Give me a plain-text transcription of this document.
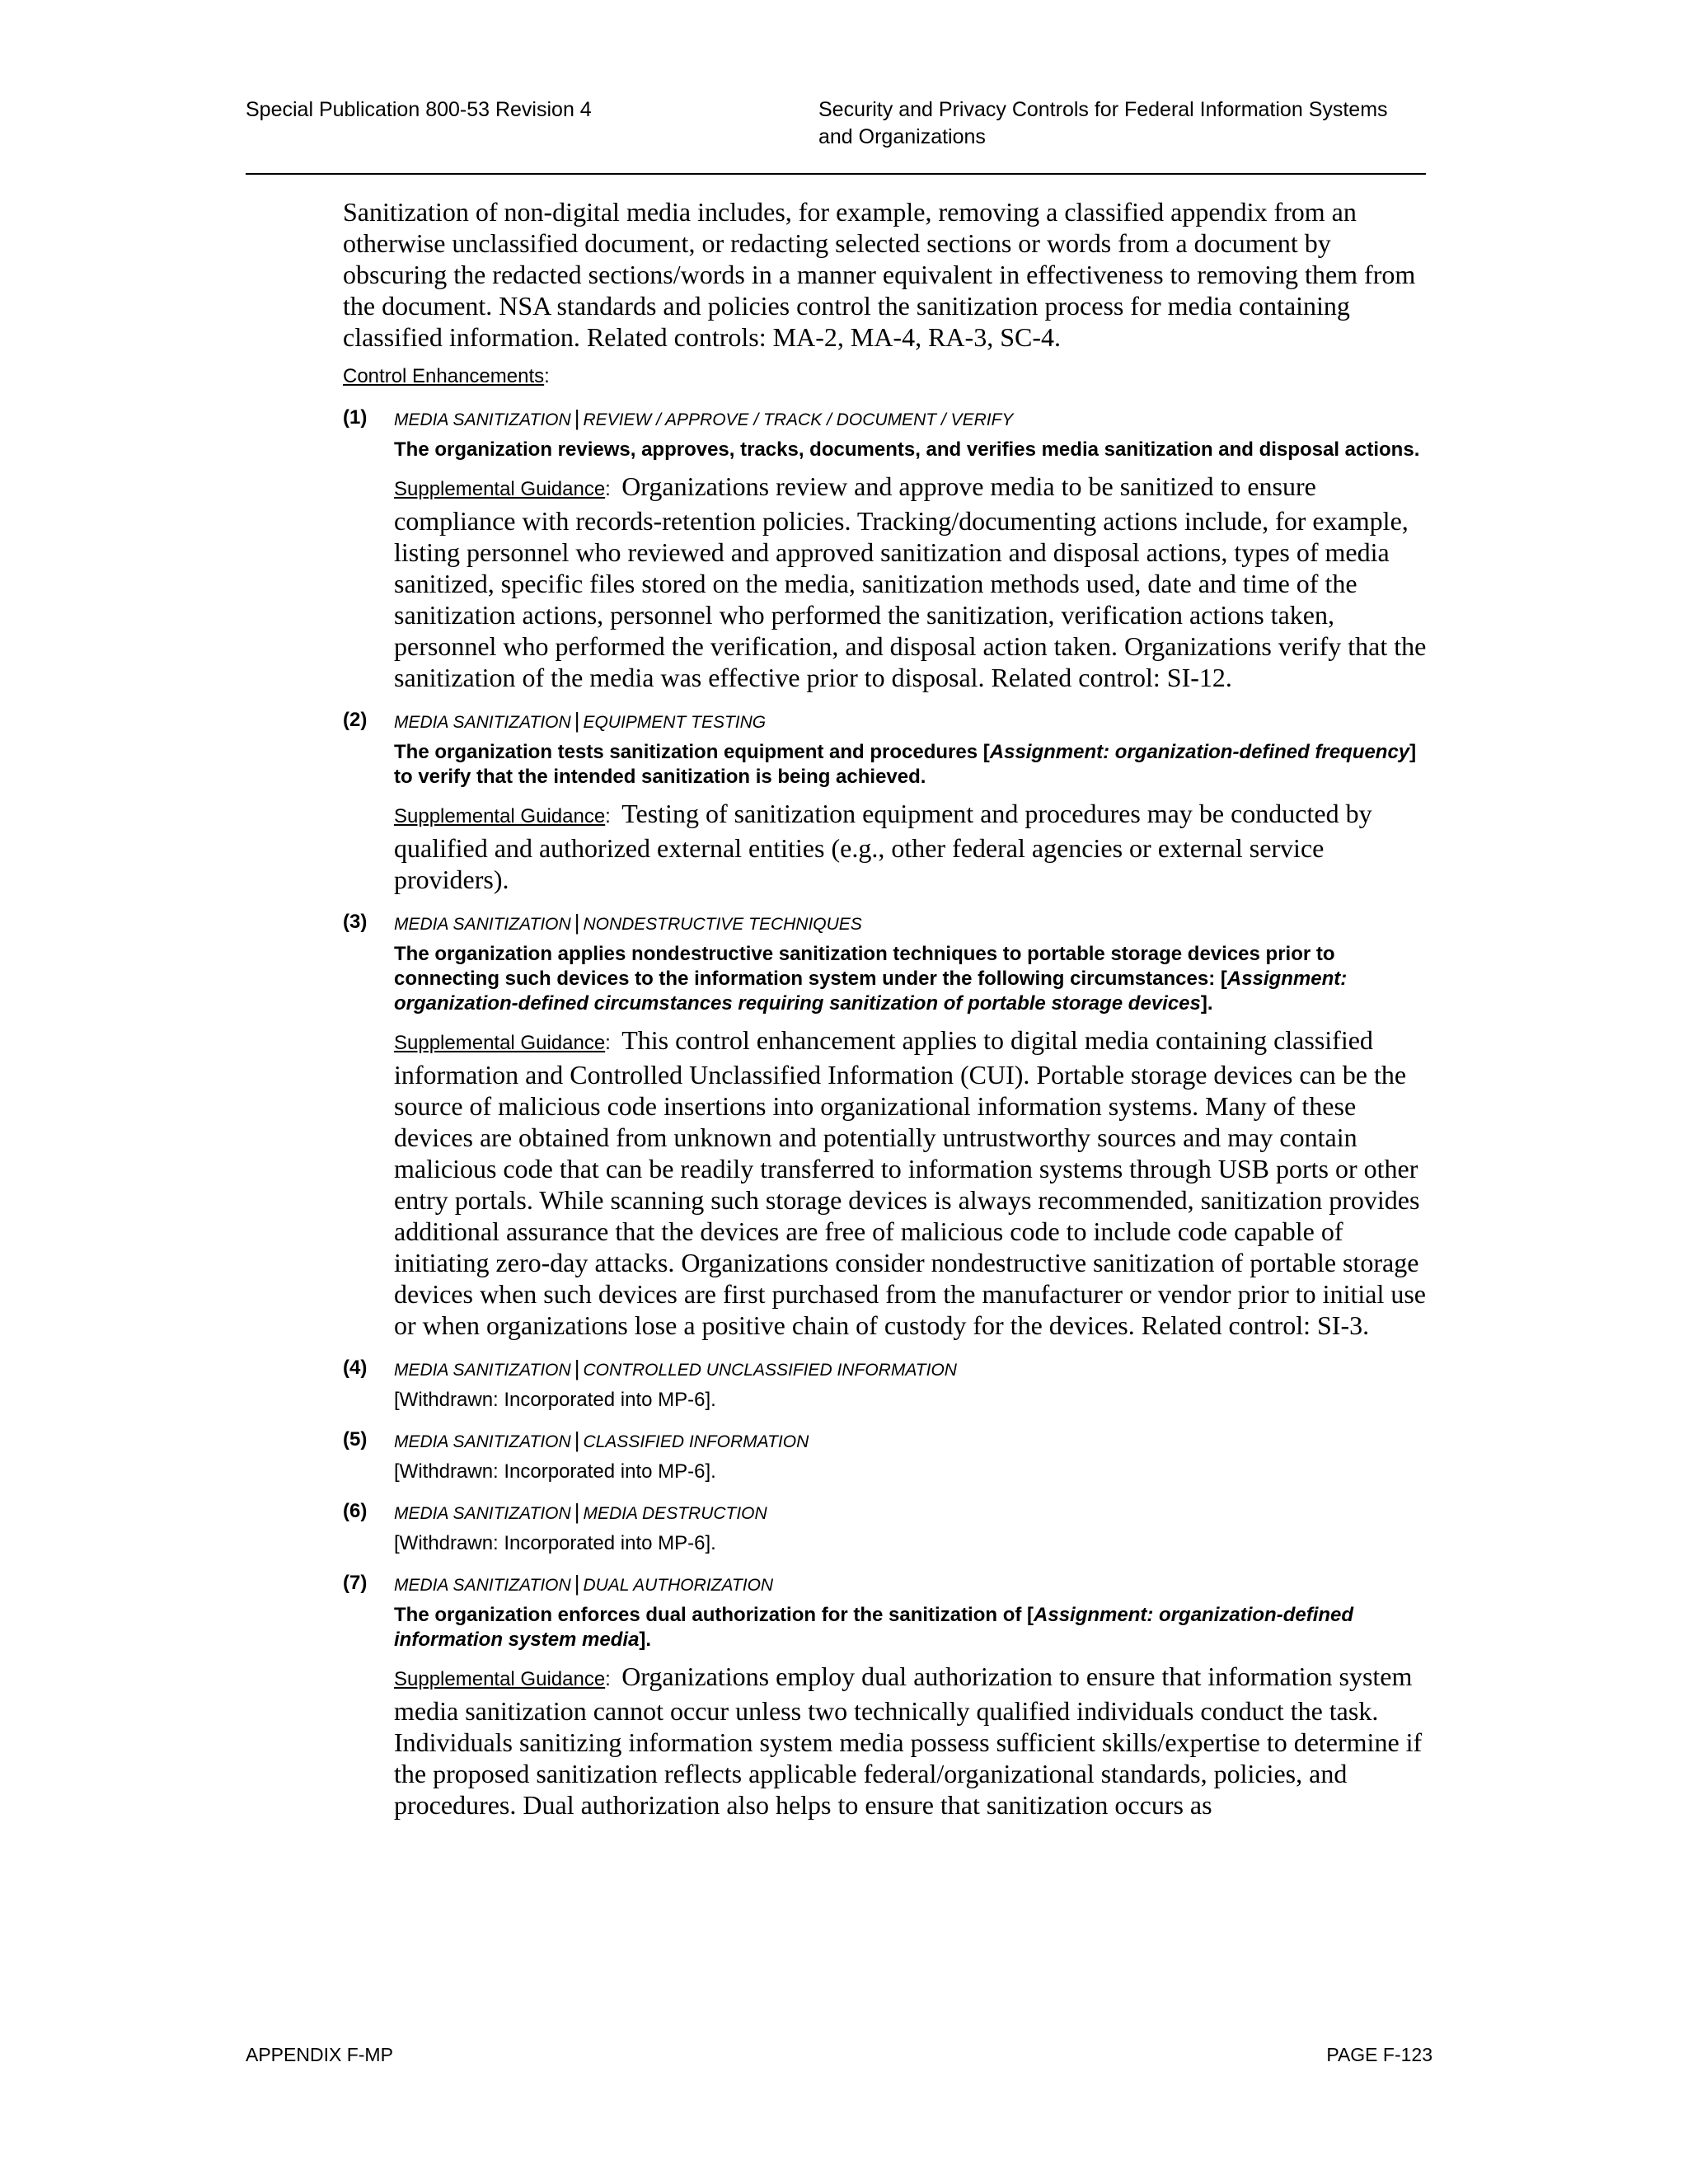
Special Publication 800-53 Revision 4	Security and Privacy Controls for Federal Information Systems
and Organizations

Sanitization of non-digital media includes, for example, removing a classified appendix from an otherwise unclassified document, or redacting selected sections or words from a document by obscuring the redacted sections/words in a manner equivalent in effectiveness to removing them from the document. NSA standards and policies control the sanitization process for media containing classified information. Related controls: MA-2, MA-4, RA-3, SC-4.

Control Enhancements:
(1) MEDIA SANITIZATION | REVIEW / APPROVE / TRACK / DOCUMENT / VERIFY
The organization reviews, approves, tracks, documents, and verifies media sanitization and disposal actions.

Supplemental Guidance:  Organizations review and approve media to be sanitized to ensure compliance with records-retention policies. Tracking/documenting actions include, for example, listing personnel who reviewed and approved sanitization and disposal actions, types of media sanitized, specific files stored on the media, sanitization methods used, date and time of the sanitization actions, personnel who performed the sanitization, verification actions taken, personnel who performed the verification, and disposal action taken. Organizations verify that the sanitization of the media was effective prior to disposal. Related control: SI-12.

(2) MEDIA SANITIZATION | EQUIPMENT TESTING
The organization tests sanitization equipment and procedures [Assignment: organization-defined frequency] to verify that the intended sanitization is being achieved.

Supplemental Guidance:  Testing of sanitization equipment and procedures may be conducted by qualified and authorized external entities (e.g., other federal agencies or external service providers).

(3) MEDIA SANITIZATION | NONDESTRUCTIVE TECHNIQUES
The organization applies nondestructive sanitization techniques to portable storage devices prior to connecting such devices to the information system under the following circumstances: [Assignment: organization-defined circumstances requiring sanitization of portable storage devices].

Supplemental Guidance:  This control enhancement applies to digital media containing classified information and Controlled Unclassified Information (CUI). Portable storage devices can be the source of malicious code insertions into organizational information systems. Many of these devices are obtained from unknown and potentially untrustworthy sources and may contain malicious code that can be readily transferred to information systems through USB ports or other entry portals. While scanning such storage devices is always recommended, sanitization provides additional assurance that the devices are free of malicious code to include code capable of initiating zero-day attacks. Organizations consider nondestructive sanitization of portable storage devices when such devices are first purchased from the manufacturer or vendor prior to initial use or when organizations lose a positive chain of custody for the devices. Related control: SI-3.

(4) MEDIA SANITIZATION | CONTROLLED UNCLASSIFIED INFORMATION
[Withdrawn: Incorporated into MP-6].
(5) MEDIA SANITIZATION | CLASSIFIED INFORMATION
[Withdrawn: Incorporated into MP-6].
(6) MEDIA SANITIZATION | MEDIA DESTRUCTION
[Withdrawn: Incorporated into MP-6].
(7) MEDIA SANITIZATION | DUAL AUTHORIZATION
The organization enforces dual authorization for the sanitization of [Assignment: organization-defined information system media].

Supplemental Guidance:  Organizations employ dual authorization to ensure that information system media sanitization cannot occur unless two technically qualified individuals conduct the task. Individuals sanitizing information system media possess sufficient skills/expertise to determine if the proposed sanitization reflects applicable federal/organizational standards, policies, and procedures. Dual authorization also helps to ensure that sanitization occurs as

APPENDIX F-MP	PAGE F-123
